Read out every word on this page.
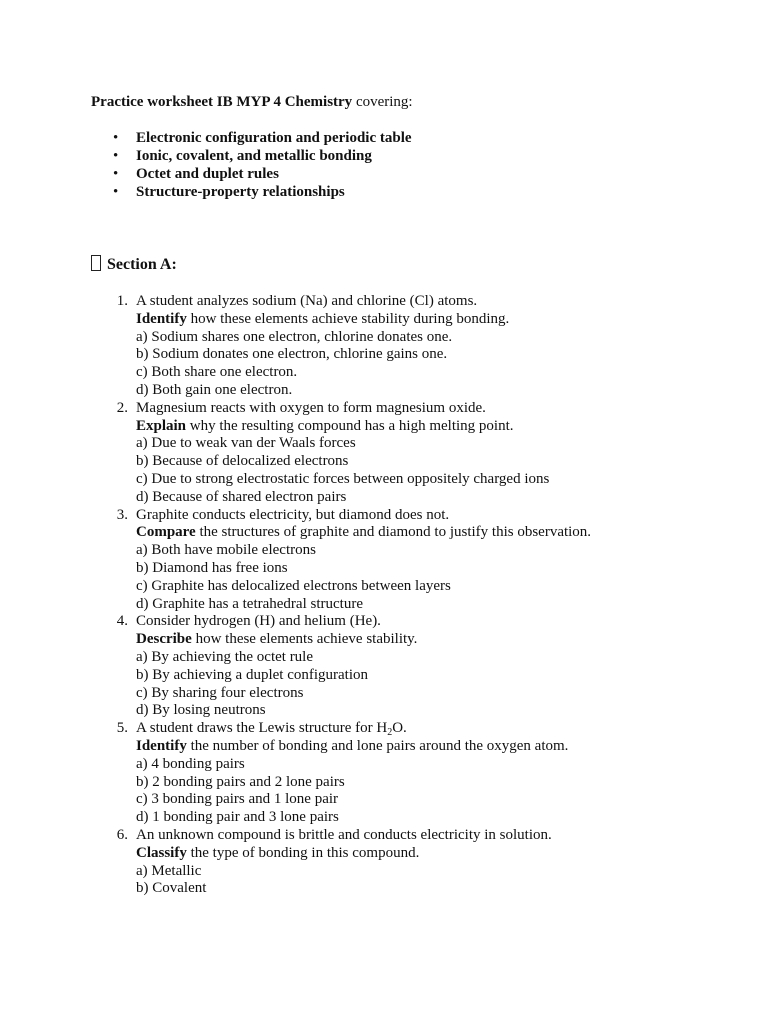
Practice worksheet IB MYP 4 Chemistry covering:
• Electronic configuration and periodic table
• Ionic, covalent, and metallic bonding
• Octet and duplet rules
• Structure-property relationships
Section A:
1. A student analyzes sodium (Na) and chlorine (Cl) atoms.
Identify how these elements achieve stability during bonding.
a) Sodium shares one electron, chlorine donates one.
b) Sodium donates one electron, chlorine gains one.
c) Both share one electron.
d) Both gain one electron.
2. Magnesium reacts with oxygen to form magnesium oxide.
Explain why the resulting compound has a high melting point.
a) Due to weak van der Waals forces
b) Because of delocalized electrons
c) Due to strong electrostatic forces between oppositely charged ions
d) Because of shared electron pairs
3. Graphite conducts electricity, but diamond does not.
Compare the structures of graphite and diamond to justify this observation.
a) Both have mobile electrons
b) Diamond has free ions
c) Graphite has delocalized electrons between layers
d) Graphite has a tetrahedral structure
4. Consider hydrogen (H) and helium (He).
Describe how these elements achieve stability.
a) By achieving the octet rule
b) By achieving a duplet configuration
c) By sharing four electrons
d) By losing neutrons
5. A student draws the Lewis structure for $H_2O$.
Identify the number of bonding and lone pairs around the oxygen atom.
a) 4 bonding pairs
b) 2 bonding pairs and 2 lone pairs
c) 3 bonding pairs and 1 lone pair
d) 1 bonding pair and 3 lone pairs
6. An unknown compound is brittle and conducts electricity in solution.
Classify the type of bonding in this compound.
a) Metallic
b) Covalent
